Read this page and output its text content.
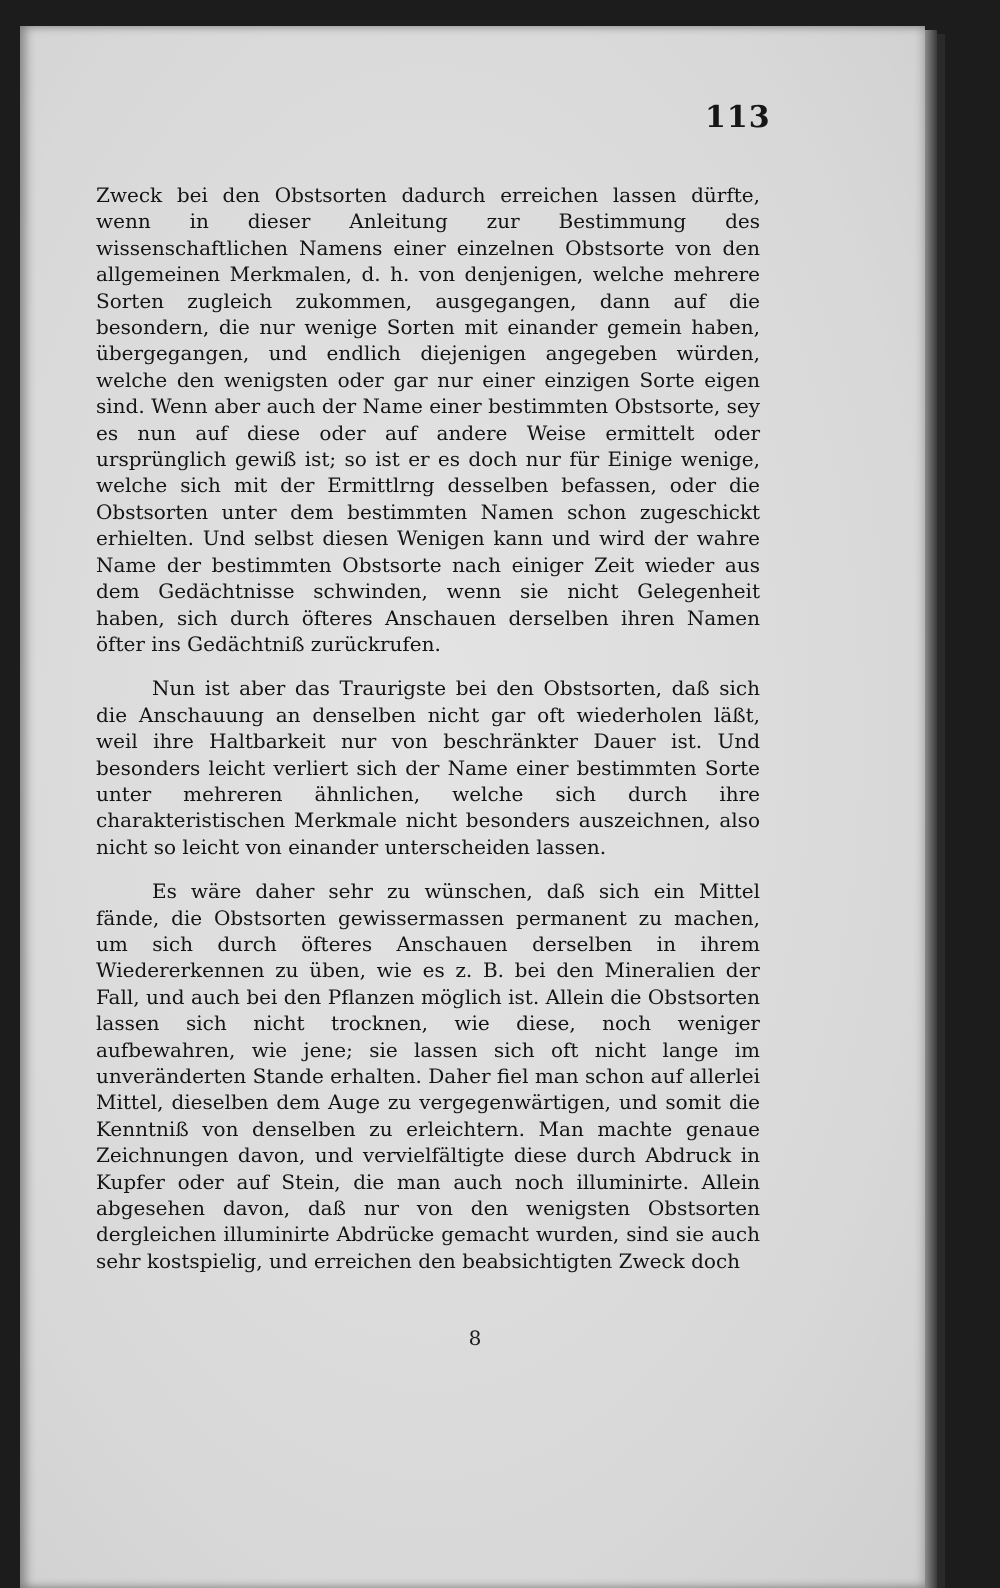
113

Zweck bei den Obstsorten dadurch erreichen lassen dürfte, wenn in dieser Anleitung zur Bestimmung des wissenschaftlichen Namens einer einzelnen Obstsorte von den allgemeinen Merkmalen, d. h. von denjenigen, welche mehrere Sorten zugleich zukommen, ausgegangen, dann auf die besondern, die nur wenige Sorten mit einander gemein haben, übergegangen, und endlich diejenigen angegeben würden, welche den wenigsten oder gar nur einer einzigen Sorte eigen sind. Wenn aber auch der Name einer bestimmten Obstsorte, sey es nun auf diese oder auf andere Weise ermittelt oder ursprünglich gewiß ist; so ist er es doch nur für Einige wenige, welche sich mit der Ermittlrng desselben befassen, oder die Obstsorten unter dem bestimmten Namen schon zugeschickt erhielten. Und selbst diesen Wenigen kann und wird der wahre Name der bestimmten Obstsorte nach einiger Zeit wieder aus dem Gedächtnisse schwinden, wenn sie nicht Gelegenheit haben, sich durch öfteres Anschauen derselben ihren Namen öfter ins Gedächtniß zurückrufen.

Nun ist aber das Traurigste bei den Obstsorten, daß sich die Anschauung an denselben nicht gar oft wiederholen läßt, weil ihre Haltbarkeit nur von beschränkter Dauer ist. Und besonders leicht verliert sich der Name einer bestimmten Sorte unter mehreren ähnlichen, welche sich durch ihre charakteristischen Merkmale nicht besonders auszeichnen, also nicht so leicht von einander unterscheiden lassen.

Es wäre daher sehr zu wünschen, daß sich ein Mittel fände, die Obstsorten gewissermassen permanent zu machen, um sich durch öfteres Anschauen derselben in ihrem Wiedererkennen zu üben, wie es z. B. bei den Mineralien der Fall, und auch bei den Pflanzen möglich ist. Allein die Obstsorten lassen sich nicht trocknen, wie diese, noch weniger aufbewahren, wie jene; sie lassen sich oft nicht lange im unveränderten Stande erhalten. Daher fiel man schon auf allerlei Mittel, dieselben dem Auge zu vergegenwärtigen, und somit die Kenntniß von denselben zu erleichtern. Man machte genaue Zeichnungen davon, und vervielfältigte diese durch Abdruck in Kupfer oder auf Stein, die man auch noch illuminirte. Allein abgesehen davon, daß nur von den wenigsten Obstsorten dergleichen illuminirte Abdrücke gemacht wurden, sind sie auch sehr kostspielig, und erreichen den beabsichtigten Zweck doch

8
